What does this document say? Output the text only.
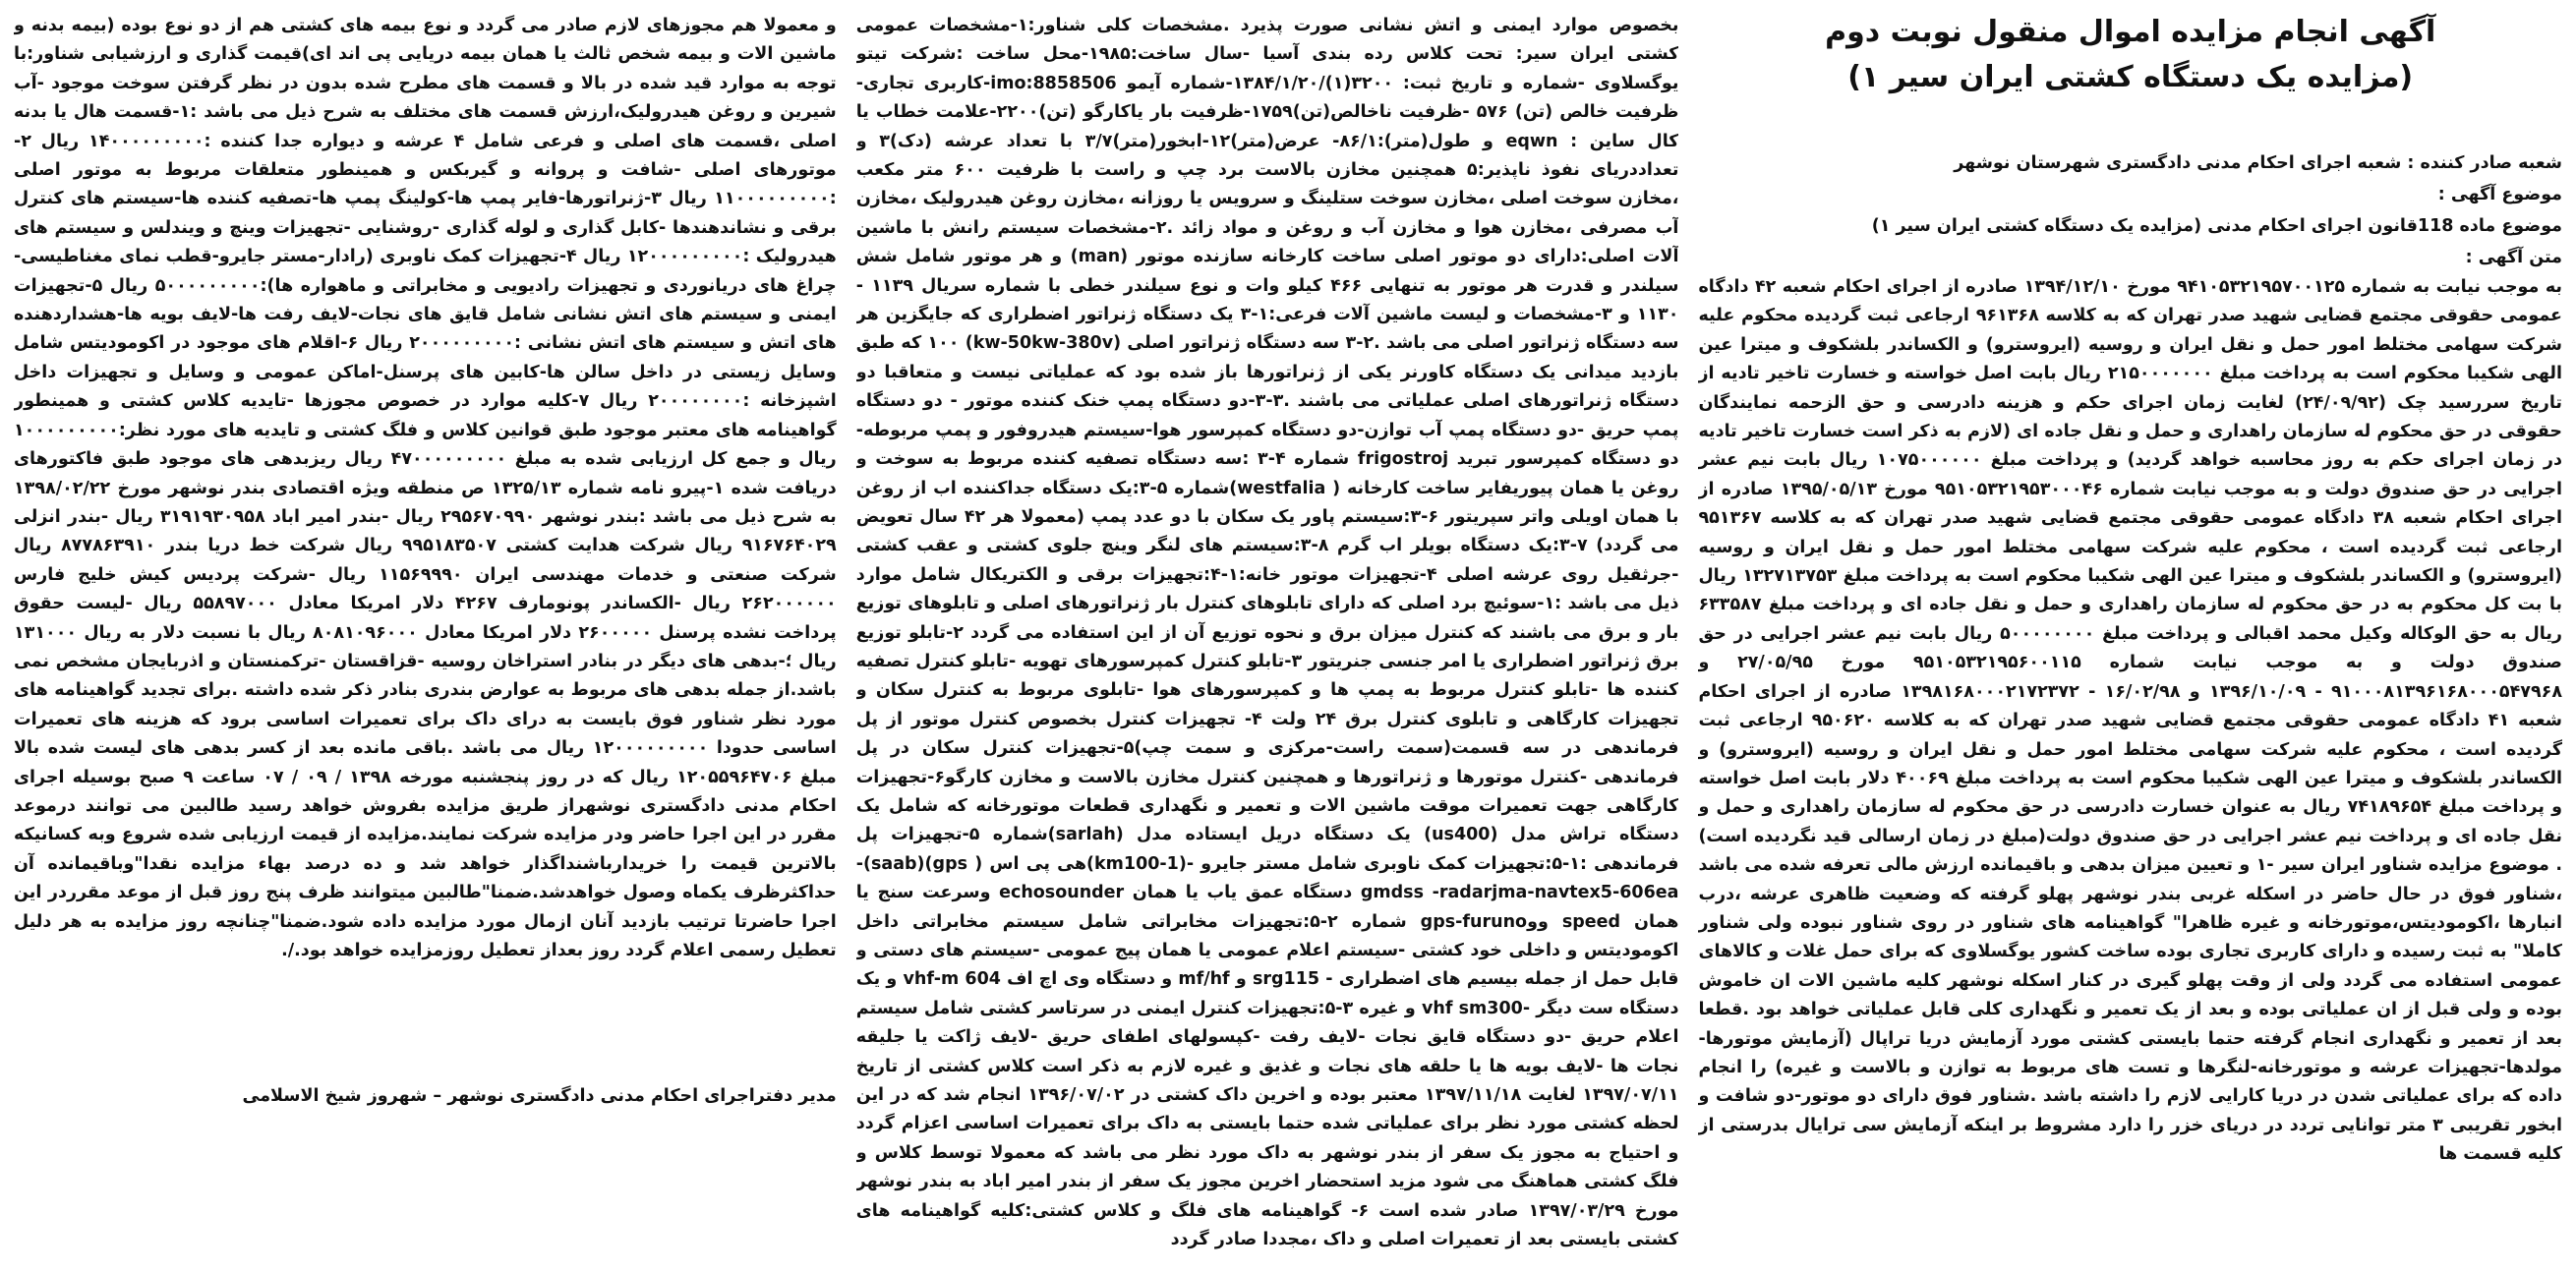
آگهی انجام مزایده اموال منقول نوبت دوم
(مزایده یک دستگاه کشتی ایران سیر ۱)

شعبه صادر کننده : شعبه اجرای احکام مدنی دادگستری شهرستان نوشهر

موضوع آگهی :

موضوع ماده 118قانون اجرای احکام مدنی (مزایده یک دستگاه کشتی ایران سیر ۱)

متن آگهی :

به موجب نیابت به شماره ۹۴۱۰۵۳۲۱۹۵۷۰۰۱۲۵ مورخ ۱۳۹۴/۱۲/۱۰ صادره از اجرای احکام شعبه ۴۲ دادگاه عمومی حقوقی مجتمع قضایی شهید صدر تهران که به کلاسه ۹۶۱۳۶۸ ارجاعی ثبت گردیده محکوم علیه شرکت سهامی مختلط امور حمل و نقل ایران و روسیه (ایروسترو) و الکساندر بلشکوف و میترا عین الهی شکیبا محکوم است به پرداخت مبلغ ۲۱۵۰۰۰۰۰۰۰ ریال بابت اصل خواسته و خسارت تاخیر تادیه از تاریخ سررسید چک (۲۴/۰۹/۹۲) لغایت زمان اجرای حکم و هزینه دادرسی و حق الزحمه نمایندگان حقوقی در حق محکوم له سازمان راهداری و حمل و نقل جاده ای (لازم به ذکر است خسارت تاخیر تادیه در زمان اجرای حکم به روز محاسبه خواهد گردید) و پرداخت مبلغ ۱۰۷۵۰۰۰۰۰۰ ریال بابت نیم عشر اجرایی در حق صندوق دولت و به موجب نیابت شماره ۹۵۱۰۵۳۲۱۹۵۳۰۰۰۴۶ مورخ ۱۳۹۵/۰۵/۱۳ صادره از اجرای احکام شعبه ۳۸ دادگاه عمومی حقوقی مجتمع قضایی شهید صدر تهران که به کلاسه ۹۵۱۳۶۷ ارجاعی ثبت گردیده است ، محکوم علیه شرکت سهامی مختلط امور حمل و نقل ایران و روسیه (ایروسترو) و الکساندر بلشکوف و میترا عین الهی شکیبا محکوم است به پرداخت مبلغ ۱۳۲۷۱۳۷۵۳ ریال با بت کل محکوم به در حق محکوم له سازمان راهداری و حمل و نقل جاده ای و پرداخت مبلغ ۶۳۳۵۸۷ ریال به حق الوکاله وکیل محمد اقبالی و پرداخت مبلغ ۵۰۰۰۰۰۰۰۰ ریال بابت نیم عشر اجرایی در حق صندوق دولت و به موجب نیابت شماره ۹۵۱۰۵۳۲۱۹۵۶۰۰۱۱۵ مورخ ۲۷/۰۵/۹۵ و ۹۱۰۰۰۸۱۳۹۶۱۶۸۰۰۰۵۴۷۹۶۸ - ۱۳۹۶/۱۰/۰۹ و ۱۶/۰۲/۹۸ - ۱۳۹۸۱۶۸۰۰۰۲۱۷۲۳۷۲ صادره از اجرای احکام شعبه ۴۱ دادگاه عمومی حقوقی مجتمع قضایی شهید صدر تهران که به کلاسه ۹۵۰۶۲۰ ارجاعی ثبت گردیده است ، محکوم علیه شرکت سهامی مختلط امور حمل و نقل ایران و روسیه (ایروسترو) و الکساندر بلشکوف و میترا عین الهی شکیبا محکوم است به پرداخت مبلغ ۴۰۰۶۹ دلار بابت اصل خواسته و پرداخت مبلغ ۷۴۱۸۹۶۵۴ ریال به عنوان خسارت دادرسی در حق محکوم له سازمان راهداری و حمل و نقل جاده ای و پرداخت نیم عشر اجرایی در حق صندوق دولت(مبلغ در زمان ارسالی قید نگردیده است) . موضوع مزایده شناور ایران سیر -۱ و تعیین میزان بدهی و باقیمانده ارزش مالی تعرفه شده می باشد ،شناور فوق در حال حاضر در اسکله غربی بندر نوشهر پهلو گرفته که وضعیت ظاهری عرشه ،درب انبارها ،اکوموديتس،موتورخانه و غیره ظاهرا" گواهینامه های شناور در روی شناور نبوده ولی شناور کاملا" به ثبت رسیده و دارای کاربری تجاری بوده ساخت کشور یوگسلاوی که برای حمل غلات و کالاهای عمومی استفاده می گردد ولی از وقت پهلو گیری در کنار اسکله نوشهر کلیه ماشین الات ان خاموش بوده و ولی قبل از ان عملیاتی بوده و بعد از یک تعمیر و نگهداری کلی قابل عملیاتی خواهد بود .قطعا بعد از تعمیر و نگهداری انجام گرفته حتما بایستی کشتی مورد آزمایش دریا تراپال (آزمایش موتورها-مولدها-تجهیزات عرشه و موتورخانه-لنگرها و تست های مربوط به توازن و بالاست و غیره) را انجام داده که برای عملیاتی شدن در دریا کارایی لازم را داشته باشد .شناور فوق دارای دو موتور-دو شافت و ابخور تقریبی ۳ متر توانایی تردد در دریای خزر را دارد مشروط بر اینکه آزمایش سی ترایال بدرستی از کلیه قسمت ها

بخصوص موارد ایمنی و اتش نشانی صورت پذیرد .مشخصات کلی شناور:۱-مشخصات عمومی کشتی ایران سیر: تحت کلاس رده بندی آسیا -سال ساخت:۱۹۸۵-محل ساخت :شرکت تیتو یوگسلاوی -شماره و تاریخ ثبت: ۳۲۰۰(۱)/۱۳۸۴/۱/۲۰-شماره آیمو imo:8858506-کاربری تجاری-ظرفیت خالص (تن) ۵۷۶ -ظرفیت ناخالص(تن)۱۷۵۹-ظرفیت بار یاکارگو (تن)۲۲۰۰-علامت خطاب یا کال ساین : eqwn و طول(متر):۸۶/۱- عرض(متر)۱۲-ابخور(متر)۳/۷ با تعداد عرشه (دک)۳ و تعداددریای نفوذ ناپذیر:۵ همچنین مخازن بالاست برد چپ و راست با ظرفیت ۶۰۰ متر مکعب ،مخازن سوخت اصلی ،مخازن سوخت ستلینگ و سرویس یا روزانه ،مخازن روغن هیدرولیک ،مخازن آب مصرفی ،مخازن هوا و مخازن آب و روغن و مواد زائد .۲-مشخصات سیستم رانش با ماشین آلات اصلی:دارای دو موتور اصلی ساخت کارخانه سازنده موتور (man) و هر موتور شامل شش سیلندر و قدرت هر موتور به تنهایی ۴۶۶ کیلو وات و نوع سیلندر خطی با شماره سریال ۱۱۳۹ - ۱۱۳۰ و ۳-مشخصات و لیست ماشین آلات فرعی:۱-۳ یک دستگاه ژنراتور اضطراری که جایگزین هر سه دستگاه ژنراتور اصلی می باشد .۲-۳ سه دستگاه ژنراتور اصلی (kw-50kw-380v) ۱۰۰ که طبق بازدید میدانی یک دستگاه کاورنر یکی از ژنراتورها باز شده بود که عملیاتی نیست و متعاقبا دو دستگاه ژنراتورهای اصلی عملیاتی می باشند .۳-۳-دو دستگاه پمپ خنک کننده موتور - دو دستگاه پمپ حریق -دو دستگاه پمپ آب توازن-دو دستگاه کمپرسور هوا-سیستم هیدروفور و پمپ مربوطه-دو دستگاه کمپرسور تبرید frigostroj شماره ۴-۳ :سه دستگاه تصفیه کننده مربوط به سوخت و روغن یا همان پیوریفایر ساخت کارخانه ( westfalia)شماره ۵-۳:یک دستگاه جداکننده اب از روغن با همان اویلی واتر سپریتور ۶-۳:سیستم پاور یک سکان با دو عدد پمپ (معمولا هر ۴۲ سال تعویض می گردد) ۷-۳:یک دستگاه بویلر اب گرم ۸-۳:سیستم های لنگر وینچ جلوی کشتی و عقب کشتی -جرثقیل روی عرشه اصلی ۴-تجهیزات موتور خانه:۱-۴:تجهیزات برقی و الکتریکال شامل موارد ذیل می باشد :۱-سوئیچ برد اصلی که دارای تابلوهای کنترل بار ژنراتورهای اصلی و تابلوهای توزیع بار و برق می باشند که کنترل میزان برق و نحوه توزیع آن از این استفاده می گردد ۲-تابلو توزیع برق ژنراتور اضطراری یا امر جنسی جنریتور ۳-تابلو کنترل کمپرسورهای تهویه -تابلو کنترل تصفیه کننده ها -تابلو کنترل مربوط به پمپ ها و کمپرسورهای هوا -تابلوی مربوط به کنترل سکان و تجهیزات کارگاهی و تابلوی کنترل برق ۲۴ ولت ۴- تجهیزات کنترل بخصوص کنترل موتور از پل فرماندهی در سه قسمت(سمت راست-مرکزی و سمت چپ)۵-تجهیزات کنترل سکان در پل فرماندهی -کنترل موتورها و ژنراتورها و همچنین کنترل مخازن بالاست و مخازن کارگو۶-تجهیزات کارگاهی جهت تعمیرات موقت ماشین الات و تعمیر و نگهداری قطعات موتورخانه که شامل یک دستگاه تراش مدل (us400) یک دستگاه دریل ایستاده مدل (sarlah)شماره ۵-تجهیزات پل فرماندهی :۱-۵:تجهیزات کمک ناوبری شامل مستر جایرو -(km100-1)هی پی اس ( gps)(saab)-gmdss -radarjma-navtex5-606ea دستگاه عمق یاب یا همان echosounder وسرعت سنج یا همان speed ووgps-furuno شماره ۲-۵:تجهیزات مخابراتی شامل سیستم مخابراتی داخل اکوموديتس و داخلی خود کشتی -سیستم اعلام عمومی یا همان پیج عمومی -سیستم های دستی و قابل حمل از جمله بیسیم های اضطراری - srg115 و mf/hf و دستگاه وی اچ اف 604 vhf-m و یک دستگاه ست دیگر -vhf sm300 و غیره ۳-۵:تجهیزات کنترل ایمنی در سرتاسر کشتی شامل سیستم اعلام حریق -دو دستگاه قایق نجات -لایف رفت -کپسولهای اطفای حریق -لایف ژاکت یا جلیقه نجات ها -لایف بویه ها یا حلقه های نجات و غذیق و غیره لازم به ذکر است کلاس کشتی از تاریخ ۱۳۹۷/۰۷/۱۱ لغایت ۱۳۹۷/۱۱/۱۸ معتبر بوده و اخرین داک کشتی در ۱۳۹۶/۰۷/۰۲ انجام شد که در این لحظه کشتی مورد نظر برای عملیاتی شده حتما بایستی به داک برای تعمیرات اساسی اعزام گردد و احتیاج به مجوز یک سفر از بندر نوشهر به داک مورد نظر می باشد که معمولا توسط کلاس و فلگ کشتی هماهنگ می شود مزید استحضار اخرین مجوز یک سفر از بندر امیر اباد به بندر نوشهر مورخ ۱۳۹۷/۰۳/۲۹ صادر شده است ۶- گواهینامه های فلگ و کلاس کشتی:کلیه گواهینامه های کشتی بایستی بعد از تعمیرات اصلی و داک ،مجددا صادر گردد

و معمولا هم مجوزهای لازم صادر می گردد و نوع بیمه های کشتی هم از دو نوع بوده (بیمه بدنه و ماشین الات و بیمه شخص ثالث یا همان بیمه دریایی پی اند ای)قیمت گذاری و ارزشیابی شناور:با توجه به موارد قید شده در بالا و قسمت های مطرح شده بدون در نظر گرفتن سوخت موجود -آب شیرین و روغن هیدرولیک،ارزش قسمت های مختلف به شرح ذیل می باشد :۱-قسمت هال یا بدنه اصلی ،قسمت های اصلی و فرعی شامل ۴ عرشه و دیواره جدا کننده :۱۴۰۰۰۰۰۰۰۰۰ ریال ۲-موتورهای اصلی -شافت و پروانه و گیربکس و همینطور متعلقات مربوط به موتور اصلی :۱۱۰۰۰۰۰۰۰۰۰ ریال ۳-ژنراتورها-فایر پمپ ها-کولینگ پمپ ها-تصفیه کننده ها-سیستم های کنترل برقی و نشاندهندها -کابل گذاری و لوله گذاری -روشنایی -تجهیزات وینچ و ویندلس و سیستم های هیدرولیک :۱۲۰۰۰۰۰۰۰۰۰ ریال ۴-تجهیزات کمک ناوبری (رادار-مستر جایرو-قطب نمای مغناطیسی-چراغ های دریانوردی و تجهیزات رادیویی و مخابراتی و ماهواره ها):۵۰۰۰۰۰۰۰۰۰ ریال ۵-تجهیزات ایمنی و سیستم های اتش نشانی شامل قایق های نجات-لایف رفت ها-لایف بویه ها-هشداردهنده های اتش و سیستم های اتش نشانی :۲۰۰۰۰۰۰۰۰۰ ریال ۶-اقلام های موجود در اکوموديتس شامل وسایل زیستی در داخل سالن ها-کابین های پرسنل-اماکن عمومی و وسایل و تجهیزات داخل اشپزخانه :۲۰۰۰۰۰۰۰۰ ریال ۷-کلیه موارد در خصوص مجوزها -تایدیه کلاس کشتی و همینطور گواهینامه های معتبر موجود طبق قوانین کلاس و فلگ کشتی و تایدیه های مورد نظر:۱۰۰۰۰۰۰۰۰۰ ریال و جمع کل ارزیابی شده به مبلغ ۴۷۰۰۰۰۰۰۰۰۰ ریال ریزبدهی های موجود طبق فاکتورهای دریافت شده ۱-پیرو نامه شماره ۱۳۲۵/۱۳ ص منطقه ویژه اقتصادی بندر نوشهر مورخ ۱۳۹۸/۰۲/۲۲ به شرح ذیل می باشد :بندر نوشهر ۲۹۵۶۷۰۹۹۰ ریال -بندر امیر اباد ۳۱۹۱۹۳۰۹۵۸ ریال -بندر انزلی ۹۱۶۷۶۴۰۲۹ ریال شرکت هدایت کشتی ۹۹۵۱۸۳۵۰۷ ریال شرکت خط دریا بندر ۸۷۷۸۶۳۹۱۰ ریال شرکت صنعتی و خدمات مهندسی ایران ۱۱۵۶۹۹۹۰ ریال -شرکت پردیس کیش خلیج فارس ۲۶۲۰۰۰۰۰۰ ریال -الکساندر پونومارف ۴۲۶۷ دلار امریکا معادل ۵۵۸۹۷۰۰۰ ریال -لیست حقوق پرداخت نشده پرسنل ۲۶۰۰۰۰۰ دلار امریکا معادل ۸۰۸۱۰۹۶۰۰۰ ریال با نسبت دلار به ریال ۱۳۱۰۰۰ ریال ؛-بدهی های دیگر در بنادر استراخان روسیه -قزاقستان -ترکمنستان و اذربایجان مشخص نمی باشد.از جمله بدهی های مربوط به عوارض بندری بنادر ذکر شده داشته .برای تجدید گواهینامه های مورد نظر شناور فوق بایست به درای داک برای تعمیرات اساسی برود که هزینه های تعمیرات اساسی حدودا ۱۲۰۰۰۰۰۰۰۰۰ ریال می باشد .باقی مانده بعد از کسر بدهی های لیست شده بالا مبلغ ۱۲۰۵۵۹۶۴۷۰۶ ریال که در روز پنجشنبه مورخه ۱۳۹۸ / ۰۹ / ۰۷ ساعت ۹ صبح بوسیله اجرای احکام مدنی دادگستری نوشهراز طریق مزایده بفروش خواهد رسید طالبین می توانند درموعد مقرر در این اجرا حاضر ودر مزایده شرکت نمایند.مزایده از قیمت ارزیابی شده شروع وبه کسانیکه بالاترین قیمت را خریدارباشنداگذار خواهد شد و ده درصد بهاء مزایده نقدا"وباقیمانده آن حداکثرظرف یکماه وصول خواهدشد.ضمنا"طالبین میتوانند ظرف پنج روز قبل از موعد مقرردر این اجرا حاضرتا ترتیب بازدید آنان ازمال مورد مزایده داده شود.ضمنا"چنانچه روز مزایده به هر دلیل تعطیل رسمی اعلام گردد روز بعداز تعطیل روزمزایده خواهد بود./.

مدیر دفتراجرای احکام مدنی دادگستری نوشهر – شهروز شیخ الاسلامی
